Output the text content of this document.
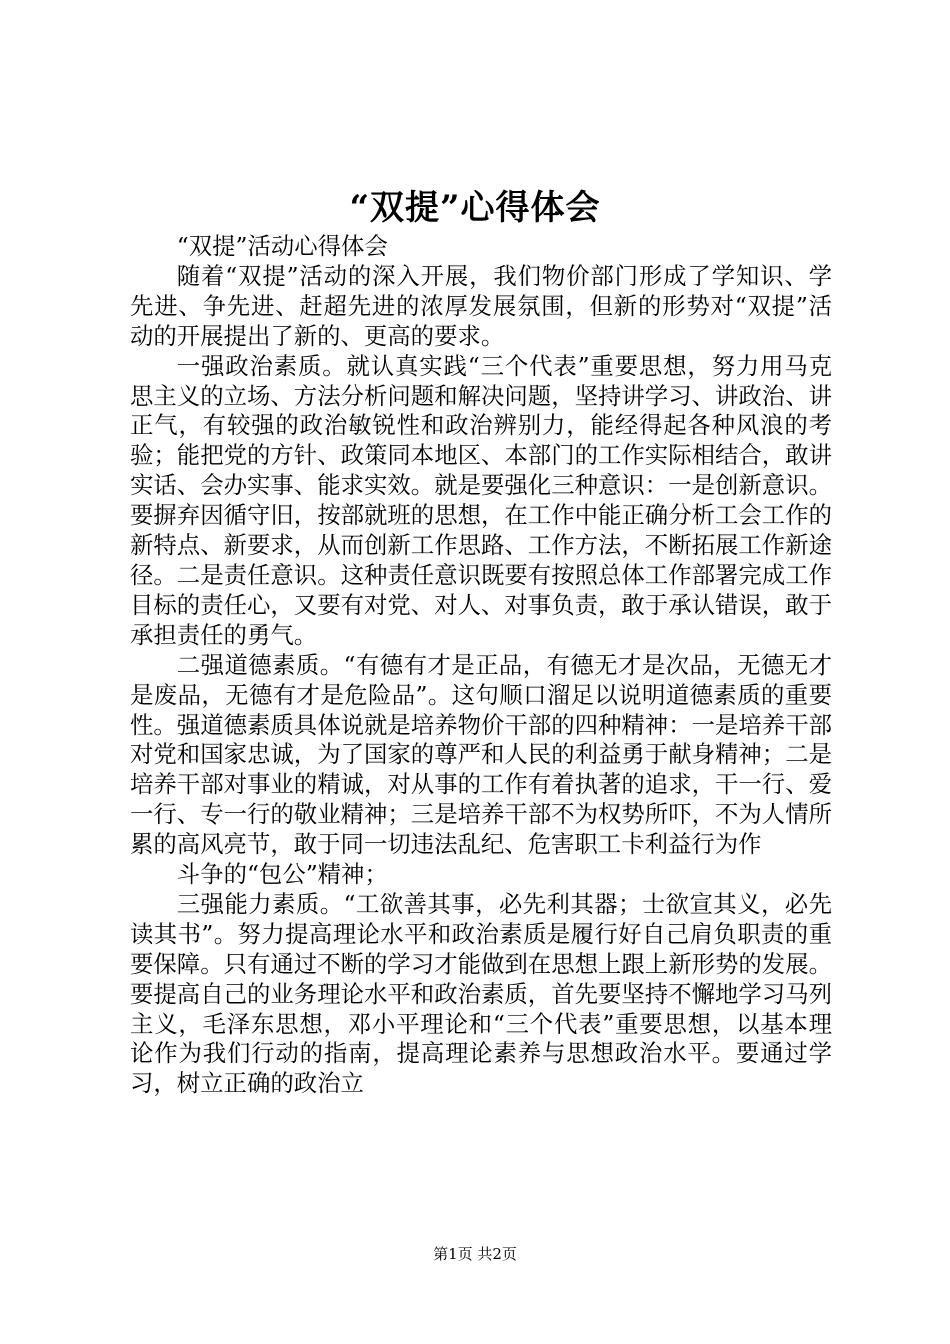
“双提”心得体会

“双提”活动心得体会

随着“双提”活动的深入开展，我们物价部门形成了学知识、学先进、争先进、赶超先进的浓厚发展氛围，但新的形势对“双提”活动的开展提出了新的、更高的要求。

一强政治素质。就认真实践“三个代表”重要思想，努力用马克思主义的立场、方法分析问题和解决问题，坚持讲学习、讲政治、讲正气，有较强的政治敏锐性和政治辨别力，能经得起各种风浪的考验；能把党的方针、政策同本地区、本部门的工作实际相结合，敢讲实话、会办实事、能求实效。就是要强化三种意识：一是创新意识。要摒弃因循守旧，按部就班的思想，在工作中能正确分析工会工作的新特点、新要求，从而创新工作思路、工作方法，不断拓展工作新途径。二是责任意识。这种责任意识既要有按照总体工作部署完成工作目标的责任心，又要有对党、对人、对事负责，敢于承认错误，敢于承担责任的勇气。

二强道德素质。“有德有才是正品，有德无才是次品，无德无才是废品，无德有才是危险品”。这句顺口溜足以说明道德素质的重要性。强道德素质具体说就是培养物价干部的四种精神：一是培养干部对党和国家忠诚，为了国家的尊严和人民的利益勇于献身精神；二是培养干部对事业的精诚，对从事的工作有着执著的追求，干一行、爱一行、专一行的敬业精神；三是培养干部不为权势所吓，不为人情所累的高风亮节，敢于同一切违法乱纪、危害职工卡利益行为作

斗争的“包公”精神；

三强能力素质。“工欲善其事，必先利其器；士欲宣其义，必先读其书”。努力提高理论水平和政治素质是履行好自己肩负职责的重要保障。只有通过不断的学习才能做到在思想上跟上新形势的发展。要提高自己的业务理论水平和政治素质，首先要坚持不懈地学习马列主义，毛泽东思想，邓小平理论和“三个代表”重要思想，以基本理论作为我们行动的指南，提高理论素养与思想政治水平。要通过学习，树立正确的政治立

第1页 共2页
